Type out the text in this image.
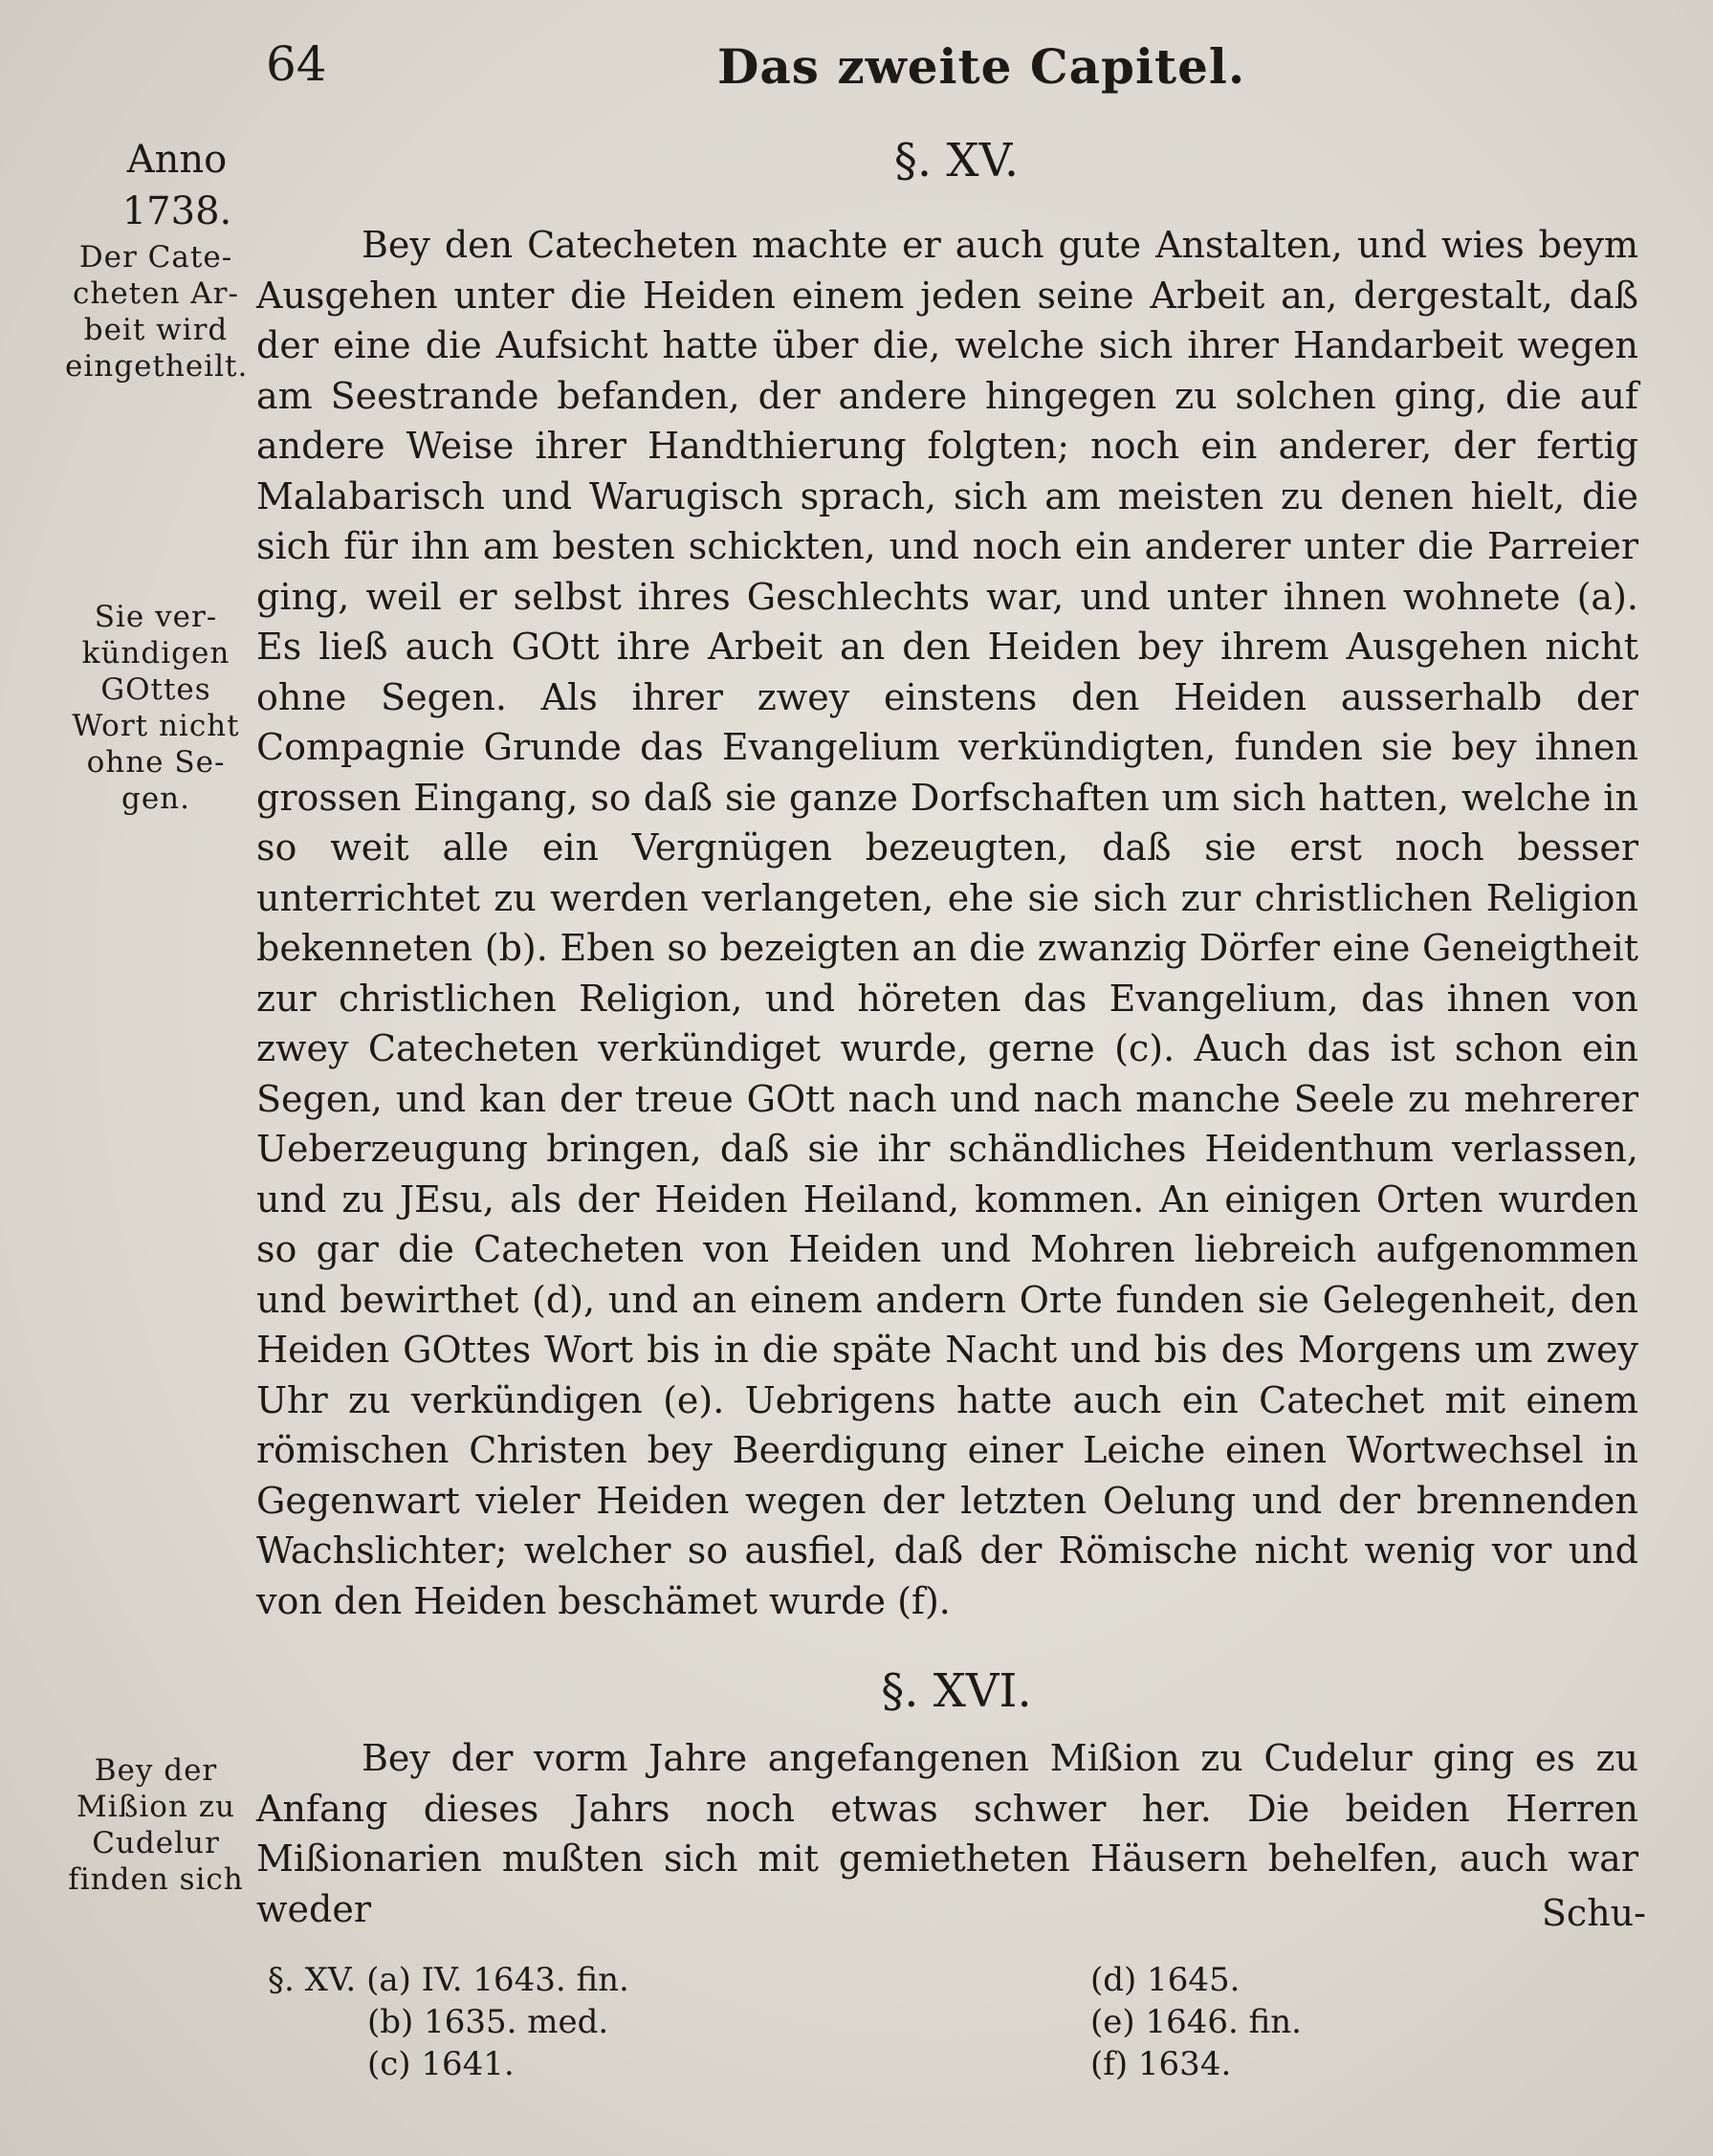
64	Das zweite Capitel.
Anno
1738.
§. XV.
Der Cate- cheten Ar- beit wird eingetheilt.
Sie ver- kündigen GOttes Wort nicht ohne Se- gen.

Bey den Catecheten machte er auch gute Anstalten, und wies beym Ausgehen unter die Heiden einem jeden seine Arbeit an, dergestalt, daß der eine die Aufsicht hatte über die, welche sich ihrer Handarbeit wegen am Seestrande befanden, der andere hingegen zu solchen ging, die auf andere Weise ihrer Handthierung folgten; noch ein anderer, der fertig Malabarisch und Warugisch sprach, sich am meisten zu denen hielt, die sich für ihn am besten schickten, und noch ein anderer unter die Parreier ging, weil er selbst ihres Geschlechts war, und unter ihnen wohnete (a). Es ließ auch GOtt ihre Arbeit an den Heiden bey ihrem Ausgehen nicht ohne Segen. Als ihrer zwey einstens den Heiden ausserhalb der Compagnie Grunde das Evangelium verkündigten, funden sie bey ihnen grossen Eingang, so daß sie ganze Dorfschaften um sich hatten, welche in so weit alle ein Vergnügen bezeugten, daß sie erst noch besser unterrichtet zu werden verlangeten, ehe sie sich zur christlichen Religion bekenneten (b). Eben so bezeigten an die zwanzig Dörfer eine Geneigtheit zur christlichen Religion, und höreten das Evangelium, das ihnen von zwey Catecheten verkündiget wurde, gerne (c). Auch das ist schon ein Segen, und kan der treue GOtt nach und nach manche Seele zu mehrerer Ueberzeugung bringen, daß sie ihr schändliches Heidenthum verlassen, und zu JEsu, als der Heiden Heiland, kommen. An einigen Orten wurden so gar die Catecheten von Heiden und Mohren liebreich aufgenommen und bewirthet (d), und an einem andern Orte funden sie Gelegenheit, den Heiden GOttes Wort bis in die späte Nacht und bis des Morgens um zwey Uhr zu verkündigen (e). Uebrigens hatte auch ein Catechet mit einem römischen Christen bey Beerdigung einer Leiche einen Wortwechsel in Gegenwart vieler Heiden wegen der letzten Oelung und der brennenden Wachslichter; welcher so ausfiel, daß der Römische nicht wenig vor und von den Heiden beschämet wurde (f).

§. XVI.
Bey der Mißion zu Cudelur finden sich

Bey der vorm Jahre angefangenen Mißion zu Cudelur ging es zu Anfang dieses Jahrs noch etwas schwer her. Die beiden Herren Mißionarien mußten sich mit gemietheten Häusern behelfen, auch war weder	Schu-
§. XV. (a) IV. 1643. fin.
(b) 1635. med.
(c) 1641.
(d) 1645.
(e) 1646. fin.
(f) 1634.
